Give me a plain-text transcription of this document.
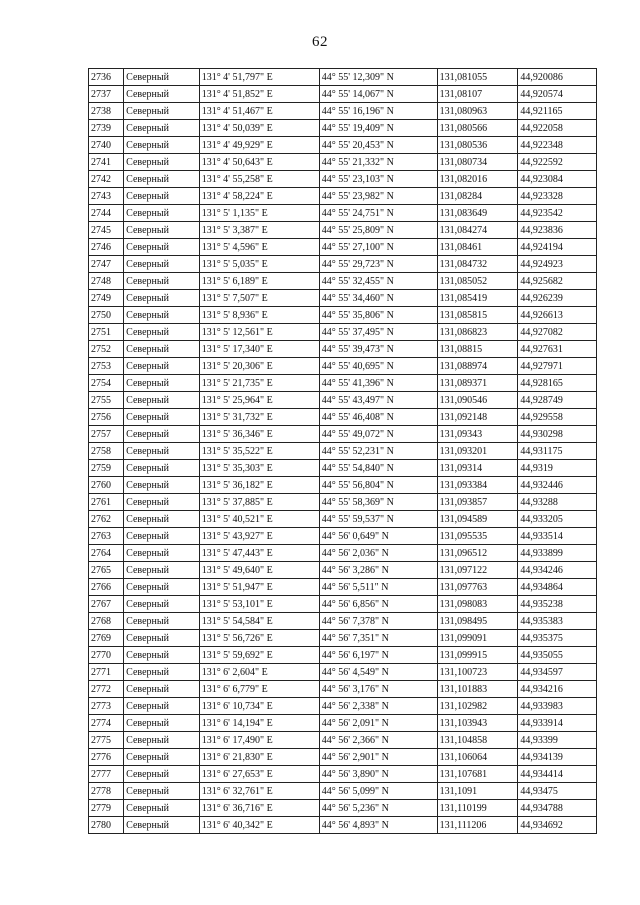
62
2736	Северный	131° 4' 51,797" E	44° 55' 12,309" N	131,081055	44,920086
2737	Северный	131° 4' 51,852" E	44° 55' 14,067" N	131,08107	44,920574
2738	Северный	131° 4' 51,467" E	44° 55' 16,196" N	131,080963	44,921165
2739	Северный	131° 4' 50,039" E	44° 55' 19,409" N	131,080566	44,922058
2740	Северный	131° 4' 49,929" E	44° 55' 20,453" N	131,080536	44,922348
2741	Северный	131° 4' 50,643" E	44° 55' 21,332" N	131,080734	44,922592
2742	Северный	131° 4' 55,258" E	44° 55' 23,103" N	131,082016	44,923084
2743	Северный	131° 4' 58,224" E	44° 55' 23,982" N	131,08284	44,923328
2744	Северный	131° 5' 1,135" E	44° 55' 24,751" N	131,083649	44,923542
2745	Северный	131° 5' 3,387" E	44° 55' 25,809" N	131,084274	44,923836
2746	Северный	131° 5' 4,596" E	44° 55' 27,100" N	131,08461	44,924194
2747	Северный	131° 5' 5,035" E	44° 55' 29,723" N	131,084732	44,924923
2748	Северный	131° 5' 6,189" E	44° 55' 32,455" N	131,085052	44,925682
2749	Северный	131° 5' 7,507" E	44° 55' 34,460" N	131,085419	44,926239
2750	Северный	131° 5' 8,936" E	44° 55' 35,806" N	131,085815	44,926613
2751	Северный	131° 5' 12,561" E	44° 55' 37,495" N	131,086823	44,927082
2752	Северный	131° 5' 17,340" E	44° 55' 39,473" N	131,08815	44,927631
2753	Северный	131° 5' 20,306" E	44° 55' 40,695" N	131,088974	44,927971
2754	Северный	131° 5' 21,735" E	44° 55' 41,396" N	131,089371	44,928165
2755	Северный	131° 5' 25,964" E	44° 55' 43,497" N	131,090546	44,928749
2756	Северный	131° 5' 31,732" E	44° 55' 46,408" N	131,092148	44,929558
2757	Северный	131° 5' 36,346" E	44° 55' 49,072" N	131,09343	44,930298
2758	Северный	131° 5' 35,522" E	44° 55' 52,231" N	131,093201	44,931175
2759	Северный	131° 5' 35,303" E	44° 55' 54,840" N	131,09314	44,9319
2760	Северный	131° 5' 36,182" E	44° 55' 56,804" N	131,093384	44,932446
2761	Северный	131° 5' 37,885" E	44° 55' 58,369" N	131,093857	44,93288
2762	Северный	131° 5' 40,521" E	44° 55' 59,537" N	131,094589	44,933205
2763	Северный	131° 5' 43,927" E	44° 56' 0,649" N	131,095535	44,933514
2764	Северный	131° 5' 47,443" E	44° 56' 2,036" N	131,096512	44,933899
2765	Северный	131° 5' 49,640" E	44° 56' 3,286" N	131,097122	44,934246
2766	Северный	131° 5' 51,947" E	44° 56' 5,511" N	131,097763	44,934864
2767	Северный	131° 5' 53,101" E	44° 56' 6,856" N	131,098083	44,935238
2768	Северный	131° 5' 54,584" E	44° 56' 7,378" N	131,098495	44,935383
2769	Северный	131° 5' 56,726" E	44° 56' 7,351" N	131,099091	44,935375
2770	Северный	131° 5' 59,692" E	44° 56' 6,197" N	131,099915	44,935055
2771	Северный	131° 6' 2,604" E	44° 56' 4,549" N	131,100723	44,934597
2772	Северный	131° 6' 6,779" E	44° 56' 3,176" N	131,101883	44,934216
2773	Северный	131° 6' 10,734" E	44° 56' 2,338" N	131,102982	44,933983
2774	Северный	131° 6' 14,194" E	44° 56' 2,091" N	131,103943	44,933914
2775	Северный	131° 6' 17,490" E	44° 56' 2,366" N	131,104858	44,93399
2776	Северный	131° 6' 21,830" E	44° 56' 2,901" N	131,106064	44,934139
2777	Северный	131° 6' 27,653" E	44° 56' 3,890" N	131,107681	44,934414
2778	Северный	131° 6' 32,761" E	44° 56' 5,099" N	131,1091	44,93475
2779	Северный	131° 6' 36,716" E	44° 56' 5,236" N	131,110199	44,934788
2780	Северный	131° 6' 40,342" E	44° 56' 4,893" N	131,111206	44,934692
